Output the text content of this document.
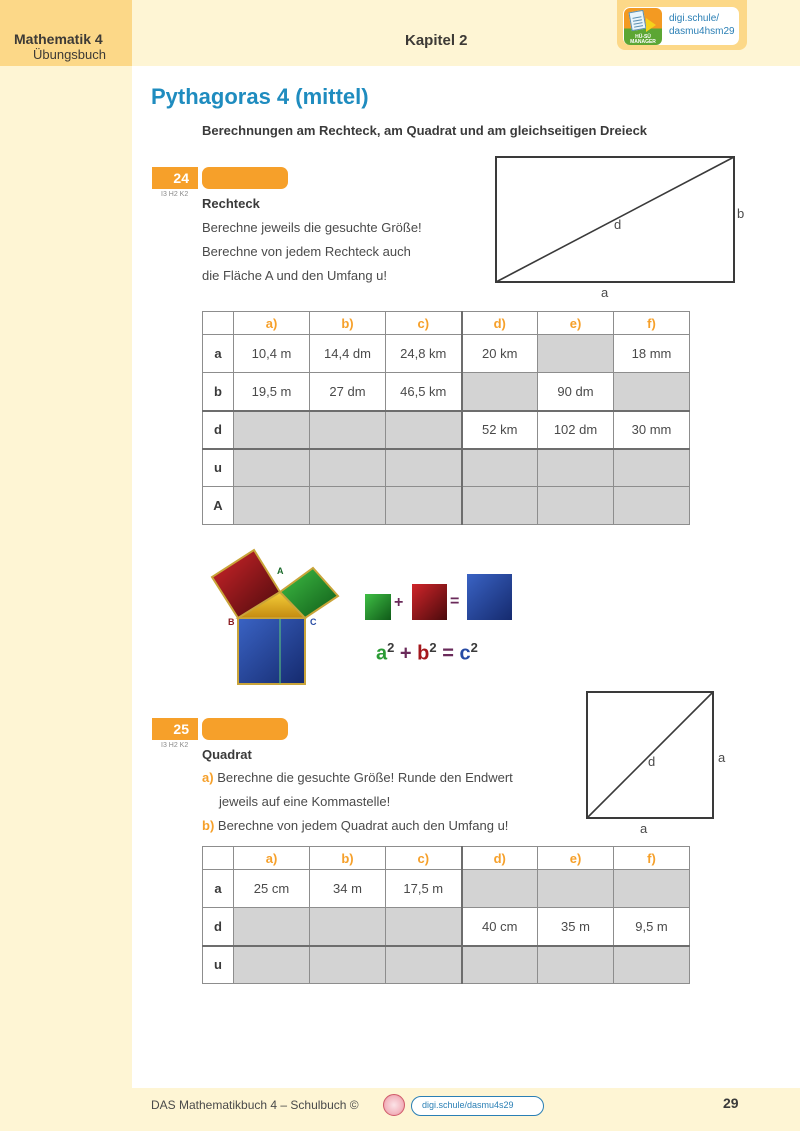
Mathematik 4
Übungsbuch
Kapitel 2	HÜ-SÜ MANAGER
digi.schule/
dasmu4hsm29
Pythagoras 4 (mittel)
Berechnungen am Rechteck, am Quadrat und am gleichseitigen Dreieck
24
I3 H2 K2
Rechteck
Berechne jeweils die gesuchte Größe!
Berechne von jedem Rechteck auch
die Fläche A und den Umfang u!
d
b
a
	a)	b)	c)	d)	e)	f)
a	10,4 m	14,4 dm	24,8 km	20 km		18 mm
b	19,5 m	27 dm	46,5 km		90 dm	
d				52 km	102 dm	30 mm
u						
A						
A
B	C
+	=
$a^2 + b^2 = c^2$
25
I3 H2 K2
Quadrat
a) Berechne die gesuchte Größe! Runde den Endwert
jeweils auf eine Kommastelle!
b) Berechne von jedem Quadrat auch den Umfang u!
d	a
a
	a)	b)	c)	d)	e)	f)
a	25 cm	34 m	17,5 m			
d				40 cm	35 m	9,5 m
u						
DAS Mathematikbuch 4 – Schulbuch ©	digi.schule/dasmu4s29	29
